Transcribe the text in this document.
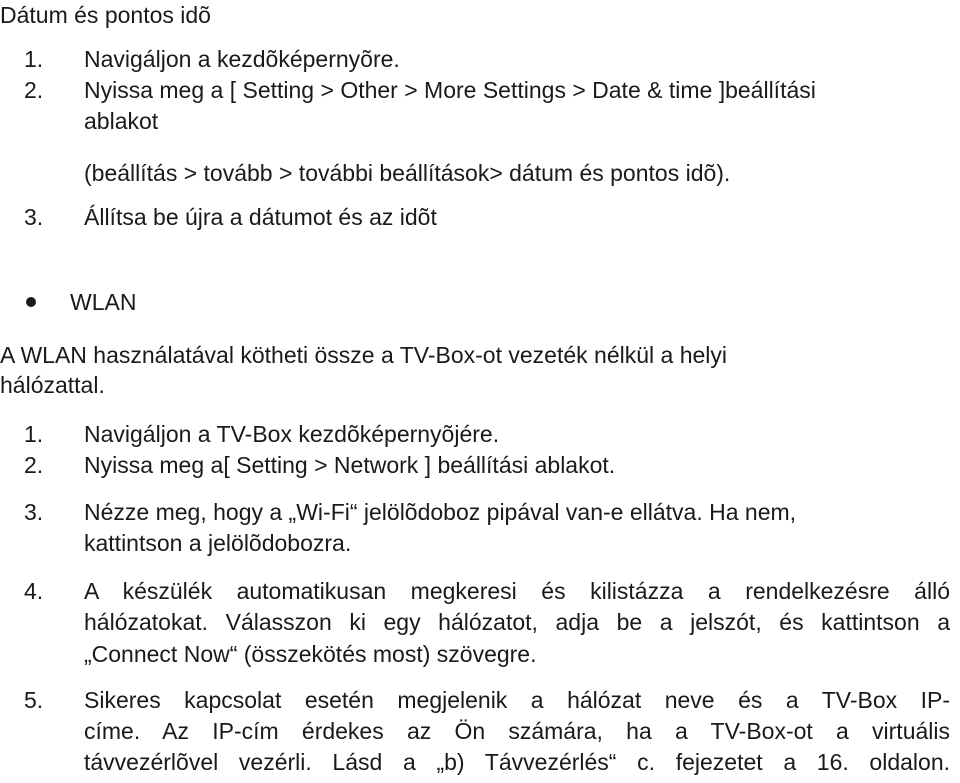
Dátum és pontos idõ
1. Navigáljon a kezdõképernyõre.
2. Nyissa meg a [ Setting > Other > More Settings > Date & time ]beállítási
ablakot
(beállítás > tovább > további beállítások> dátum és pontos idõ).
3. Állítsa be újra a dátumot és az idõt
WLAN
A WLAN használatával kötheti össze a TV-Box-ot vezeték nélkül a helyi
hálózattal.
1. Navigáljon a TV-Box kezdõképernyõjére.
2. Nyissa meg a[ Setting > Network ] beállítási ablakot.
3. Nézze meg, hogy a „Wi-Fi“ jelölõdoboz pipával van-e ellátva. Ha nem,
kattintson a jelölõdobozra.
4. A készülék automatikusan megkeresi és kilistázza a rendelkezésre álló
hálózatokat. Válasszon ki egy hálózatot, adja be a jelszót, és kattintson a
„Connect Now“ (összekötés most) szövegre.
5. Sikeres kapcsolat esetén megjelenik a hálózat neve és a TV-Box IP-
címe. Az IP-cím érdekes az Ön számára, ha a TV-Box-ot a virtuális
távvezérlõvel vezérli. Lásd a „b) Távvezérlés“ c. fejezetet a 16. oldalon.
